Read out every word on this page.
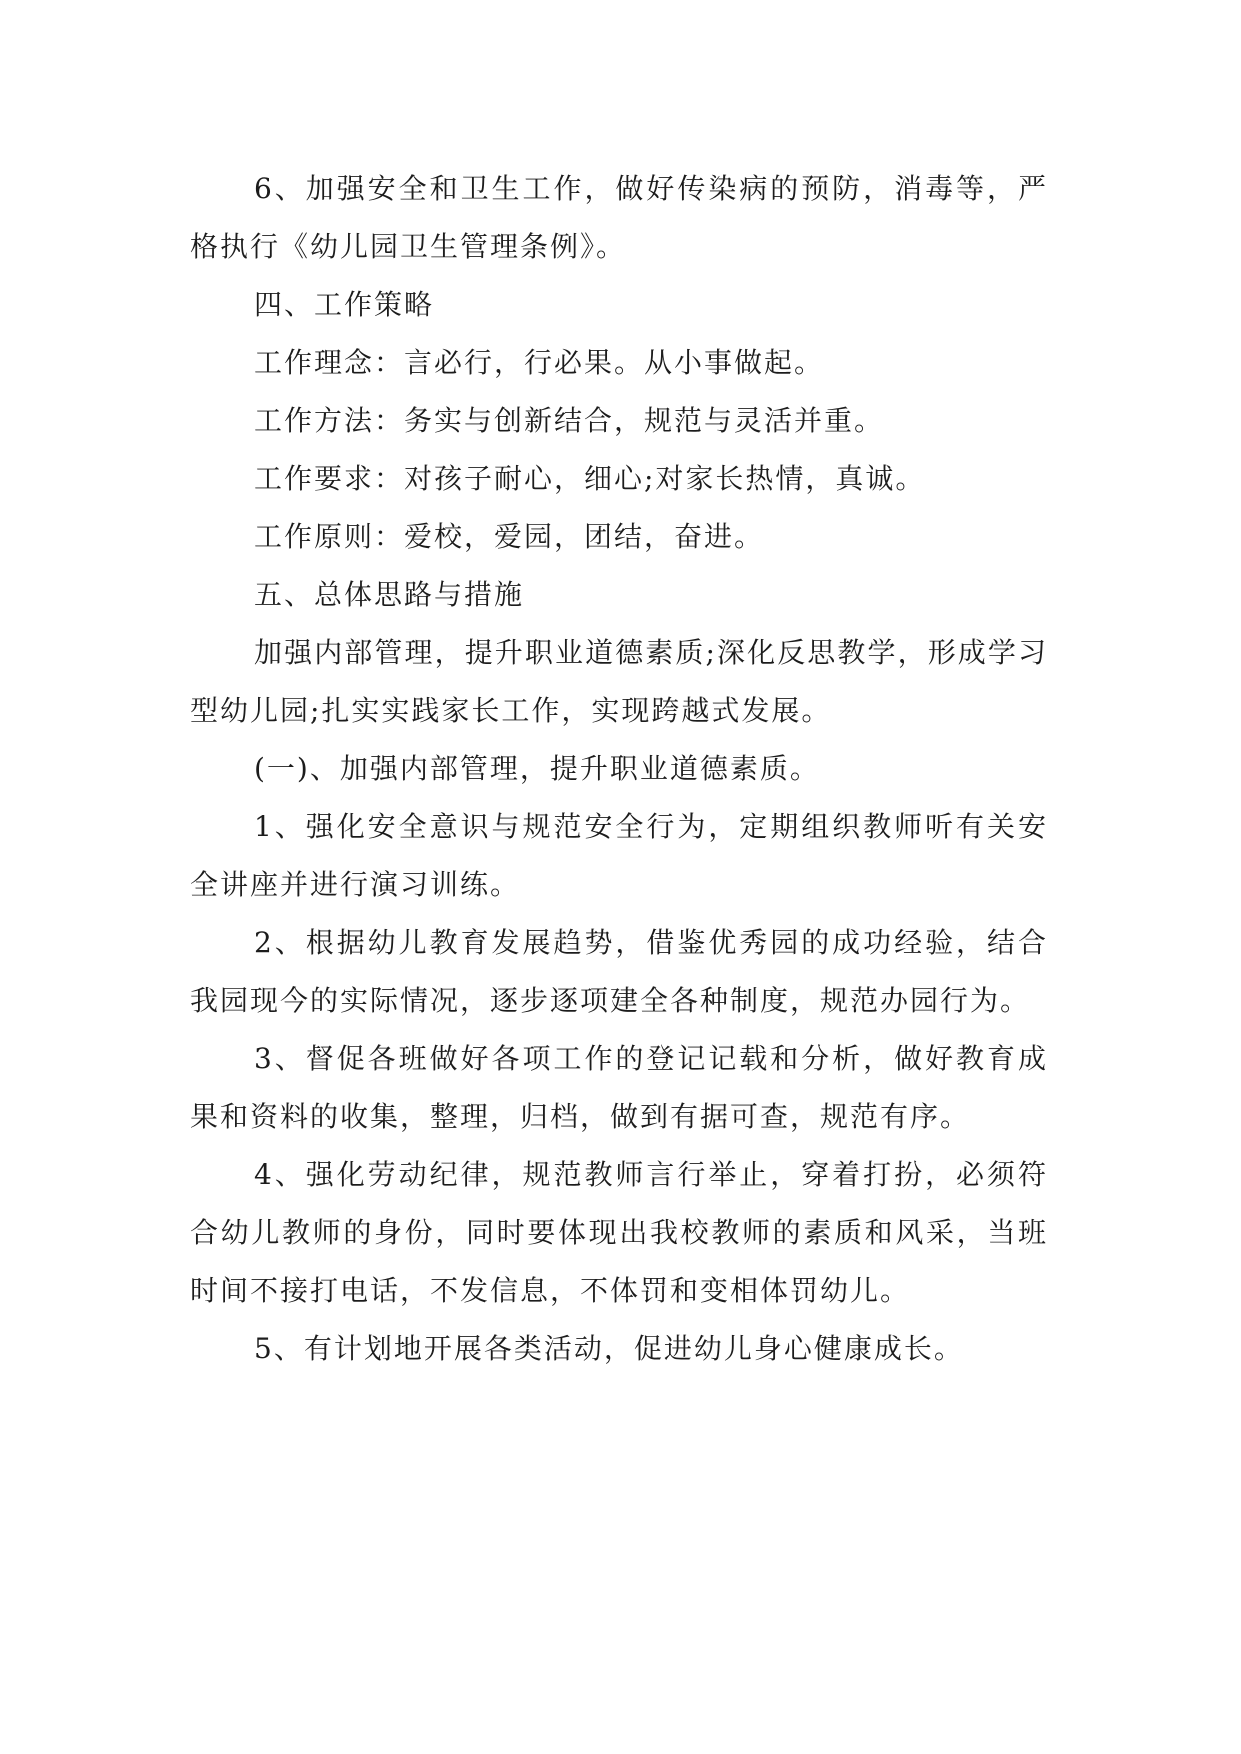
6、加强安全和卫生工作，做好传染病的预防，消毒等，严格执行《幼儿园卫生管理条例》。

四、工作策略

工作理念：言必行，行必果。从小事做起。

工作方法：务实与创新结合，规范与灵活并重。

工作要求：对孩子耐心，细心;对家长热情，真诚。

工作原则：爱校，爱园，团结，奋进。

五、总体思路与措施

加强内部管理，提升职业道德素质;深化反思教学，形成学习型幼儿园;扎实实践家长工作，实现跨越式发展。

(一)、加强内部管理，提升职业道德素质。

1、强化安全意识与规范安全行为，定期组织教师听有关安全讲座并进行演习训练。

2、根据幼儿教育发展趋势，借鉴优秀园的成功经验，结合我园现今的实际情况，逐步逐项建全各种制度，规范办园行为。

3、督促各班做好各项工作的登记记载和分析，做好教育成果和资料的收集，整理，归档，做到有据可查，规范有序。

4、强化劳动纪律，规范教师言行举止，穿着打扮，必须符合幼儿教师的身份，同时要体现出我校教师的素质和风采，当班时间不接打电话，不发信息，不体罚和变相体罚幼儿。

5、有计划地开展各类活动，促进幼儿身心健康成长。
